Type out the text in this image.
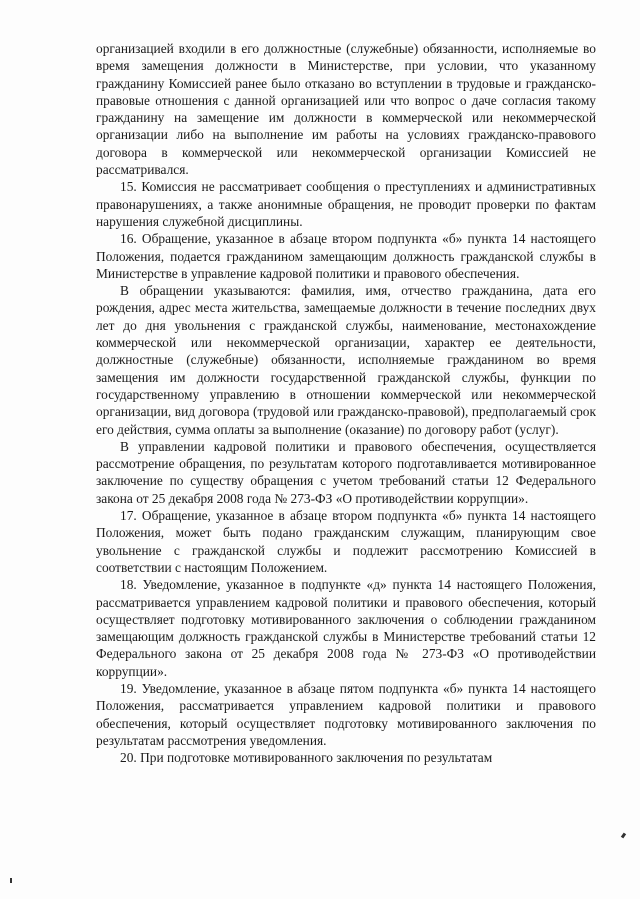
организацией входили в его должностные (служебные) обязанности, исполняемые во время замещения должности в Министерстве, при условии, что указанному гражданину Комиссией ранее было отказано во вступлении в трудовые и гражданско-правовые отношения с данной организацией или что вопрос о даче согласия такому гражданину на замещение им должности в коммерческой или некоммерческой организации либо на выполнение им работы на условиях гражданско-правового договора в коммерческой или некоммерческой организации Комиссией не рассматривался.

15. Комиссия не рассматривает сообщения о преступлениях и административных правонарушениях, а также анонимные обращения, не проводит проверки по фактам нарушения служебной дисциплины.

16. Обращение, указанное в абзаце втором подпункта «б» пункта 14 настоящего Положения, подается гражданином замещающим должность гражданской службы в Министерстве в управление кадровой политики и правового обеспечения.

В обращении указываются: фамилия, имя, отчество гражданина, дата его рождения, адрес места жительства, замещаемые должности в течение последних двух лет до дня увольнения с гражданской службы, наименование, местонахождение коммерческой или некоммерческой организации, характер ее деятельности, должностные (служебные) обязанности, исполняемые гражданином во время замещения им должности государственной гражданской службы, функции по государственному управлению в отношении коммерческой или некоммерческой организации, вид договора (трудовой или гражданско-правовой), предполагаемый срок его действия, сумма оплаты за выполнение (оказание) по договору работ (услуг).

В управлении кадровой политики и правового обеспечения, осуществляется рассмотрение обращения, по результатам которого подготавливается мотивированное заключение по существу обращения с учетом требований статьи 12 Федерального закона от 25 декабря 2008 года № 273-ФЗ «О противодействии коррупции».

17. Обращение, указанное в абзаце втором подпункта «б» пункта 14 настоящего Положения, может быть подано гражданским служащим, планирующим свое увольнение с гражданской службы и подлежит рассмотрению Комиссией в соответствии с настоящим Положением.

18. Уведомление, указанное в подпункте «д» пункта 14 настоящего Положения, рассматривается управлением кадровой политики и правового обеспечения, который осуществляет подготовку мотивированного заключения о соблюдении гражданином замещающим должность гражданской службы в Министерстве требований статьи 12 Федерального закона от 25 декабря 2008 года № 273-ФЗ «О противодействии коррупции».

19. Уведомление, указанное в абзаце пятом подпункта «б» пункта 14 настоящего Положения, рассматривается управлением кадровой политики и правового обеспечения, который осуществляет подготовку мотивированного заключения по результатам рассмотрения уведомления.

20. При подготовке мотивированного заключения по результатам
